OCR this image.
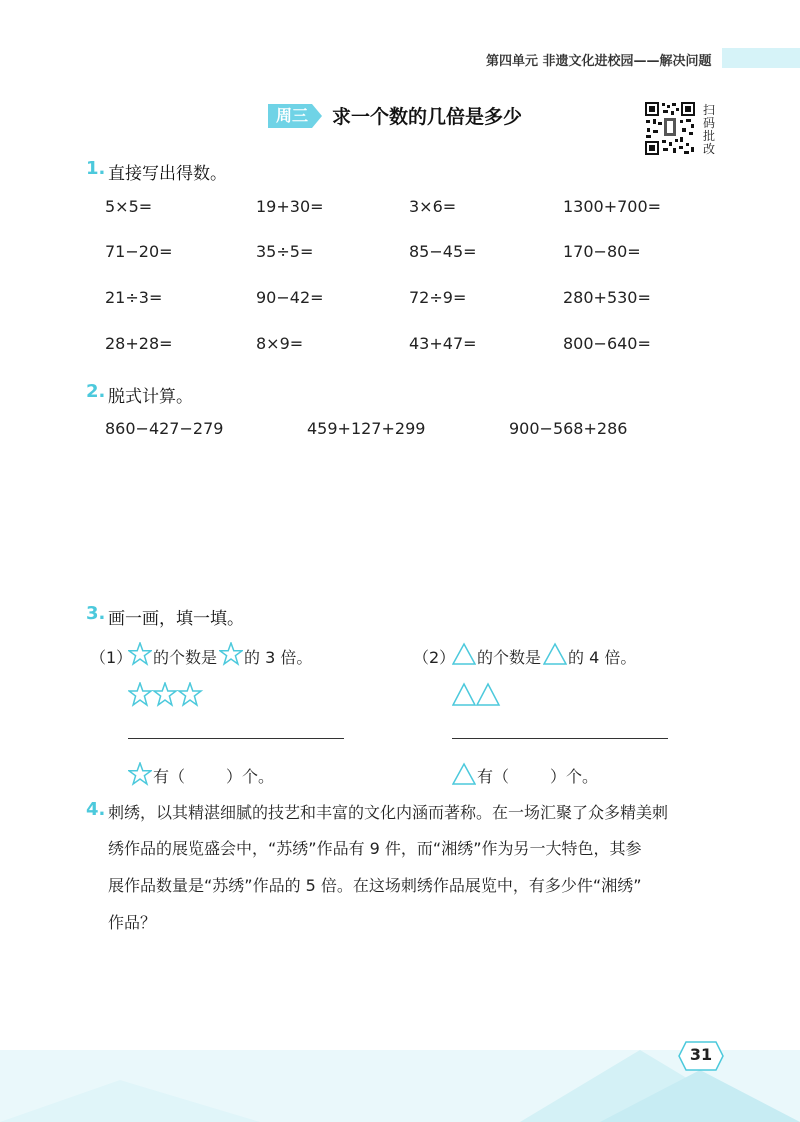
第四单元 非遗文化进校园——解决问题
周三	求一个数的几倍是多少	扫
码
批
改
1. 直接写出得数。
5×5=	19+30=	3×6=	1300+700=
71−20=	35÷5=	85−45=	170−80=
21÷3=	90−42=	72÷9=	280+530=
28+28=	8×9=	43+47=	800−640=
2. 脱式计算。
860−427−279	459+127+299	900−568+286
3. 画一画，填一填。
（1） 的个数是 的 3 倍。
有（	）个。
（2） 的个数是 的 4 倍。
有（	）个。
4. 刺绣，以其精湛细腻的技艺和丰富的文化内涵而著称。在一场汇聚了众多精美刺
绣作品的展览盛会中，“苏绣”作品有 9 件，而“湘绣”作为另一大特色，其参
展作品数量是“苏绣”作品的 5 倍。在这场刺绣作品展览中，有多少件“湘绣”
作品？
31
